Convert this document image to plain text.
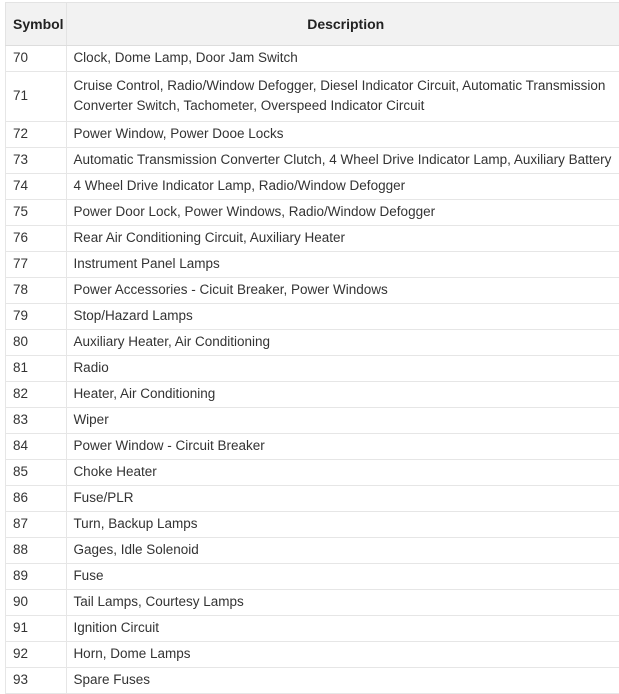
Symbol	Description
70	Clock, Dome Lamp, Door Jam Switch
71	Cruise Control, Radio/Window Defogger, Diesel Indicator Circuit, Automatic Transmission Converter Switch, Tachometer, Overspeed Indicator Circuit
72	Power Window, Power Dooe Locks
73	Automatic Transmission Converter Clutch, 4 Wheel Drive Indicator Lamp, Auxiliary Battery
74	4 Wheel Drive Indicator Lamp, Radio/Window Defogger
75	Power Door Lock, Power Windows, Radio/Window Defogger
76	Rear Air Conditioning Circuit, Auxiliary Heater
77	Instrument Panel Lamps
78	Power Accessories - Cicuit Breaker, Power Windows
79	Stop/Hazard Lamps
80	Auxiliary Heater, Air Conditioning
81	Radio
82	Heater, Air Conditioning
83	Wiper
84	Power Window - Circuit Breaker
85	Choke Heater
86	Fuse/PLR
87	Turn, Backup Lamps
88	Gages, Idle Solenoid
89	Fuse
90	Tail Lamps, Courtesy Lamps
91	Ignition Circuit
92	Horn, Dome Lamps
93	Spare Fuses
